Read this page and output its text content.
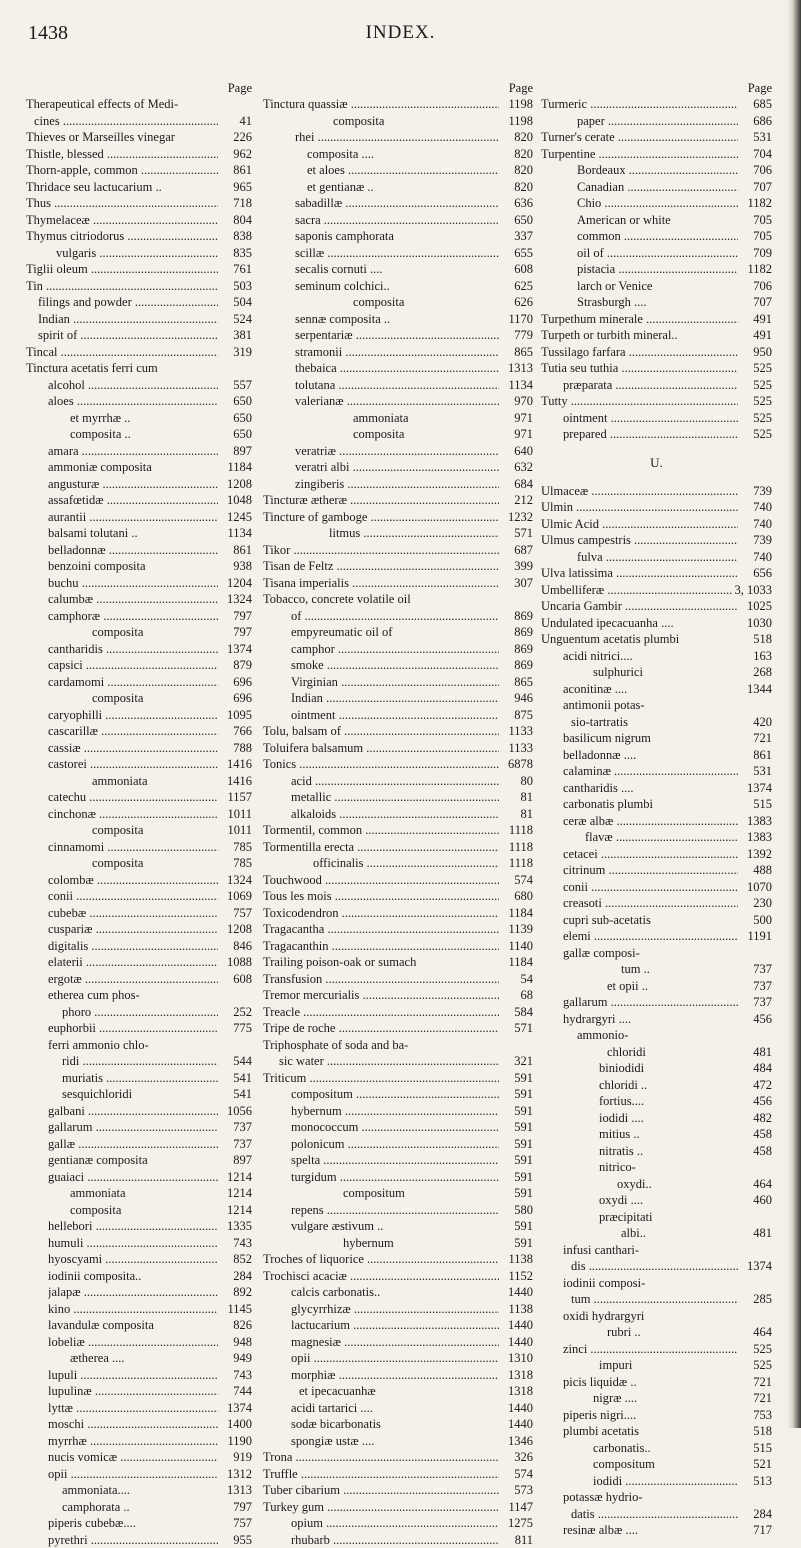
1438	INDEX.
Page
Therapeutical effects of Medi-
cines .....	41
Thieves or Marseilles vinegar	226
Thistle, blessed .....	962
Thorn-apple, common .....	861
Thridace seu lactucarium ..	965
Thus .....	718
Thymelaceæ .....	804
Thymus citriodorus .....	838
vulgaris .....	835
Tiglii oleum .....	761
Tin .....	503
filings and powder .....	504
Indian .....	524
spirit of .....	381
Tincal .....	319
Tinctura acetatis ferri cum
alcohol .....	557
aloes .....	650
et myrrhæ ..	650
composita ..	650
amara .....	897
ammoniæ composita	1184
angusturæ .....	1208
assafœtidæ .....	1048
aurantii .....	1245
balsami tolutani ..	1134
belladonnæ .....	861
benzoini composita	938
buchu .....	1204
calumbæ .....	1324
camphoræ .....	797
composita	797
cantharidis .....	1374
capsici .....	879
cardamomi .....	696
composita	696
caryophilli .....	1095
cascarillæ .....	766
cassiæ .....	788
castorei .....	1416
ammoniata	1416
catechu .....	1157
cinchonæ .....	1011
composita	1011
cinnamomi .....	785
composita	785
colombæ .....	1324
conii .....	1069
cubebæ .....	757
cuspariæ .....	1208
digitalis .....	846
elaterii .....	1088
ergotæ .....	608
etherea cum phos-
phoro .....	252
euphorbii .....	775
ferri ammonio chlo-
ridi .....	544
muriatis .....	541
sesquichloridi	541
galbani .....	1056
gallarum .....	737
gallæ .....	737
gentianæ composita	897
guaiaci .....	1214
ammoniata	1214
composita	1214
hellebori .....	1335
humuli .....	743
hyoscyami .....	852
iodinii composita..	284
jalapæ .....	892
kino .....	1145
lavandulæ composita	826
lobeliæ .....	948
ætherea ....	949
lupuli .....	743
lupulinæ .....	744
lyttæ .....	1374
moschi .....	1400
myrrhæ .....	1190
nucis vomicæ .....	919
opii .....	1312
ammoniata....	1313
camphorata ..	797
piperis cubebæ....	757
pyrethri .....	955
Page
Tinctura quassiæ .....	1198
composita	1198
rhei .....	820
composita ....	820
et aloes .....	820
et gentianæ ..	820
sabadillæ .....	636
sacra .....	650
saponis camphorata	337
scillæ .....	655
secalis cornuti ....	608
seminum colchici..	625
composita	626
sennæ composita ..	1170
serpentariæ .....	779
stramonii .....	865
thebaica .....	1313
tolutana .....	1134
valerianæ .....	970
ammoniata	971
composita	971
veratriæ .....	640
veratri albi .....	632
zingiberis .....	684
Tincturæ ætheræ .....	212
Tincture of gamboge .....	1232
litmus .....	571
Tikor .....	687
Tisan de Feltz .....	399
Tisana imperialis .....	307
Tobacco, concrete volatile oil
of .....	869
empyreumatic oil of	869
camphor .....	869
smoke .....	869
Virginian .....	865
Indian .....	946
ointment .....	875
Tolu, balsam of .....	1133
Toluifera balsamum .....	1133
Tonics .....	6878
acid .....	80
metallic .....	81
alkaloids .....	81
Tormentil, common .....	1118
Tormentilla erecta .....	1118
officinalis .....	1118
Touchwood .....	574
Tous les mois .....	680
Toxicodendron .....	1184
Tragacantha .....	1139
Tragacanthin .....	1140
Trailing poison-oak or sumach	1184
Transfusion .....	54
Tremor mercurialis .....	68
Treacle .....	584
Tripe de roche .....	571
Triphosphate of soda and ba-
sic water .....	321
Triticum .....	591
compositum .....	591
hybernum .....	591
monococcum .....	591
polonicum .....	591
spelta .....	591
turgidum .....	591
compositum	591
repens .....	580
vulgare æstivum ..	591
hybernum	591
Troches of liquorice .....	1138
Trochisci acaciæ .....	1152
calcis carbonatis..	1440
glycyrrhizæ .....	1138
lactucarium .....	1440
magnesiæ .....	1440
opii .....	1310
morphiæ .....	1318
et ipecacuanhæ	1318
acidi tartarici ....	1440
sodæ bicarbonatis	1440
spongiæ ustæ ....	1346
Trona .....	326
Truffle .....	574
Tuber cibarium .....	573
Turkey gum .....	1147
opium .....	1275
rhubarb .....	811
Page
Turmeric .....	685
paper .....	686
Turner's cerate .....	531
Turpentine .....	704
Bordeaux .....	706
Canadian .....	707
Chio .....	1182
American or white	705
common .....	705
oil of .....	709
pistacia .....	1182
larch or Venice	706
Strasburgh ....	707
Turpethum minerale .....	491
Turpeth or turbith mineral..	491
Tussilago farfara .....	950
Tutia seu tuthia .....	525
præparata .....	525
Tutty .....	525
ointment .....	525
prepared .....	525
U.
Ulmaceæ .....	739
Ulmin .....	740
Ulmic Acid .....	740
Ulmus campestris .....	739
fulva .....	740
Ulva latissima .....	656
Umbelliferæ .....	3, 1033
Uncaria Gambir .....	1025
Undulated ipecacuanha ....	1030
Unguentum acetatis plumbi	518
acidi nitrici....	163
sulphurici	268
aconitinæ ....	1344
antimonii potas-
sio-tartratis	420
basilicum nigrum	721
belladonnæ ....	861
calaminæ .....	531
cantharidis ....	1374
carbonatis plumbi	515
ceræ albæ .....	1383
flavæ .....	1383
cetacei .....	1392
citrinum .....	488
conii .....	1070
creasoti .....	230
cupri sub-acetatis	500
elemi .....	1191
gallæ composi-
tum ..	737
et opii ..	737
gallarum .....	737
hydrargyri ....	456
ammonio-
chloridi	481
biniodidi	484
chloridi ..	472
fortius....	456
iodidi ....	482
mitius ..	458
nitratis ..	458
nitrico-
oxydi..	464
oxydi ....	460
præcipitati
albi..	481
infusi canthari-
dis .....	1374
iodinii composi-
tum .....	285
oxidi hydrargyri
rubri ..	464
zinci .....	525
impuri	525
picis liquidæ ..	721
nigræ ....	721
piperis nigri....	753
plumbi acetatis	518
carbonatis..	515
compositum	521
iodidi .....	513
potassæ hydrio-
datis .....	284
resinæ albæ ....	717
